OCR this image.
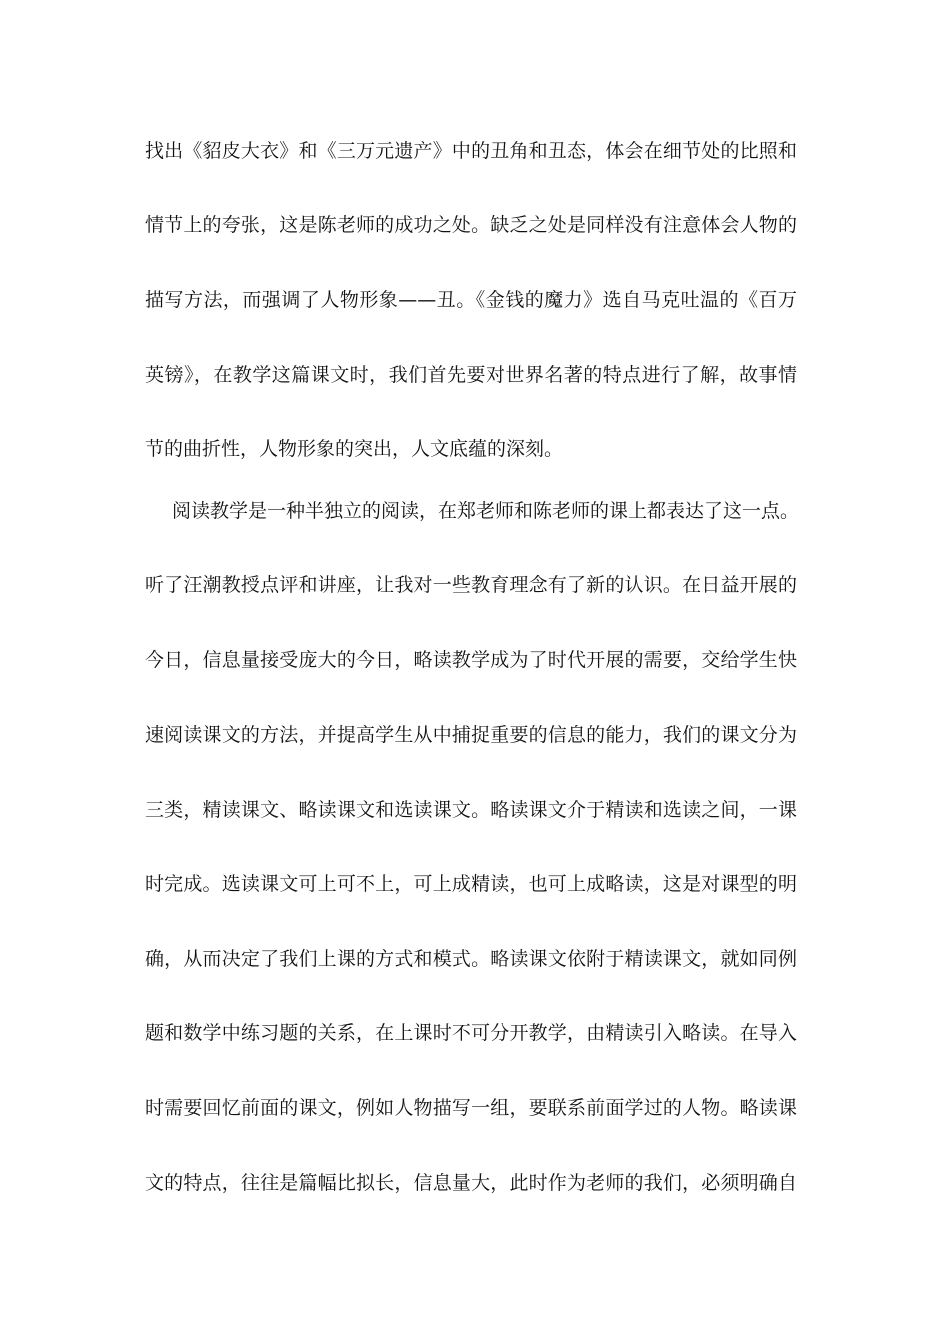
找出《貂皮大衣》和《三万元遗产》中的丑角和丑态，体会在细节处的比照和
情节上的夸张，这是陈老师的成功之处。缺乏之处是同样没有注意体会人物的
描写方法，而强调了人物形象——丑。《金钱的魔力》选自马克吐温的《百万
英镑》，在教学这篇课文时，我们首先要对世界名著的特点进行了解，故事情
节的曲折性，人物形象的突出，人文底蕴的深刻。
阅读教学是一种半独立的阅读，在郑老师和陈老师的课上都表达了这一点。
听了汪潮教授点评和讲座，让我对一些教育理念有了新的认识。在日益开展的
今日，信息量接受庞大的今日，略读教学成为了时代开展的需要，交给学生快
速阅读课文的方法，并提高学生从中捕捉重要的信息的能力，我们的课文分为
三类，精读课文、略读课文和选读课文。略读课文介于精读和选读之间，一课
时完成。选读课文可上可不上，可上成精读，也可上成略读，这是对课型的明
确，从而决定了我们上课的方式和模式。略读课文依附于精读课文，就如同例
题和数学中练习题的关系，在上课时不可分开教学，由精读引入略读。在导入
时需要回忆前面的课文，例如人物描写一组，要联系前面学过的人物。略读课
文的特点，往往是篇幅比拟长，信息量大，此时作为老师的我们，必须明确自
